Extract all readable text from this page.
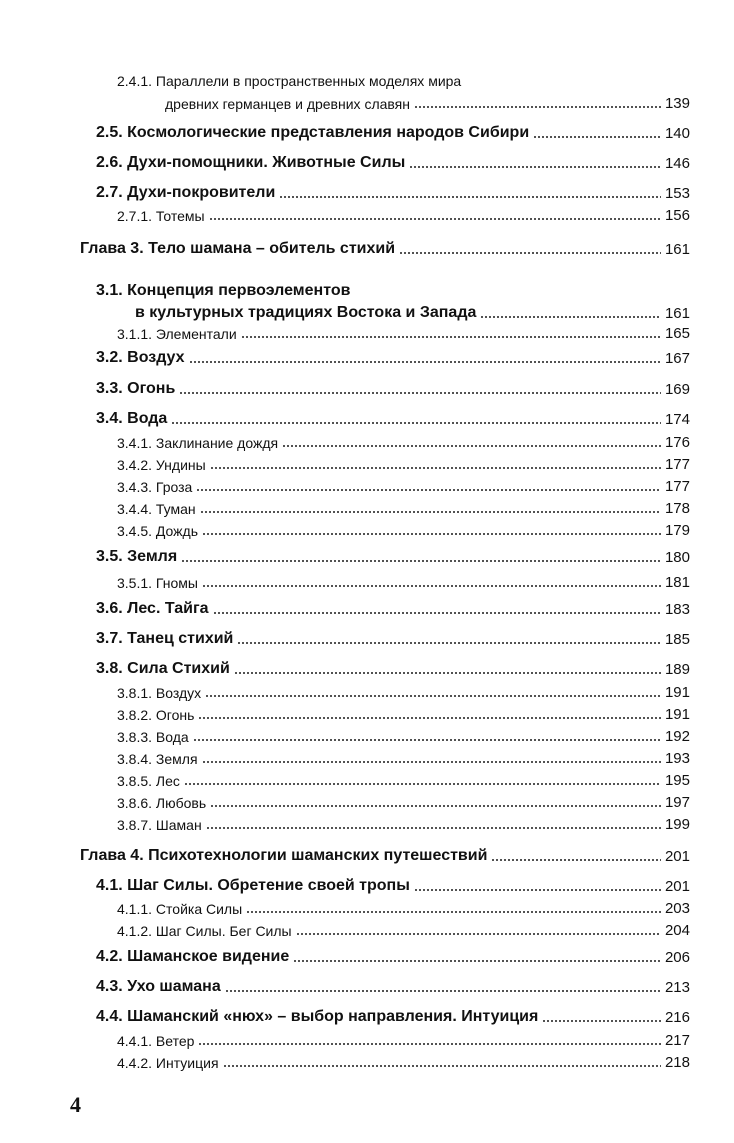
2.4.1. Параллели в пространственных моделях мира
древних германцев и древних славян	139
2.5. Космологические представления народов Сибири	140
2.6. Духи-помощники. Животные Силы	146
2.7. Духи-покровители	153
2.7.1. Тотемы	156
Глава 3. Тело шамана – обитель стихий	161
3.1. Концепция первоэлементов
в культурных традициях Востока и Запада	161
3.1.1. Элементали	165
3.2. Воздух	167
3.3. Огонь	169
3.4. Вода	174
3.4.1. Заклинание дождя	176
3.4.2. Ундины	177
3.4.3. Гроза	177
3.4.4. Туман	178
3.4.5. Дождь	179
3.5. Земля	180
3.5.1. Гномы	181
3.6. Лес. Тайга	183
3.7. Танец стихий	185
3.8. Сила Стихий	189
3.8.1. Воздух	191
3.8.2. Огонь	191
3.8.3. Вода	192
3.8.4. Земля	193
3.8.5. Лес	195
3.8.6. Любовь	197
3.8.7. Шаман	199
Глава 4. Психотехнологии шаманских путешествий	201
4.1. Шаг Силы. Обретение своей тропы	201
4.1.1. Стойка Силы	203
4.1.2. Шаг Силы. Бег Силы	204
4.2. Шаманское видение	206
4.3. Ухо шамана	213
4.4. Шаманский «нюх» – выбор направления. Интуиция	216
4.4.1. Ветер	217
4.4.2. Интуиция	218
4
